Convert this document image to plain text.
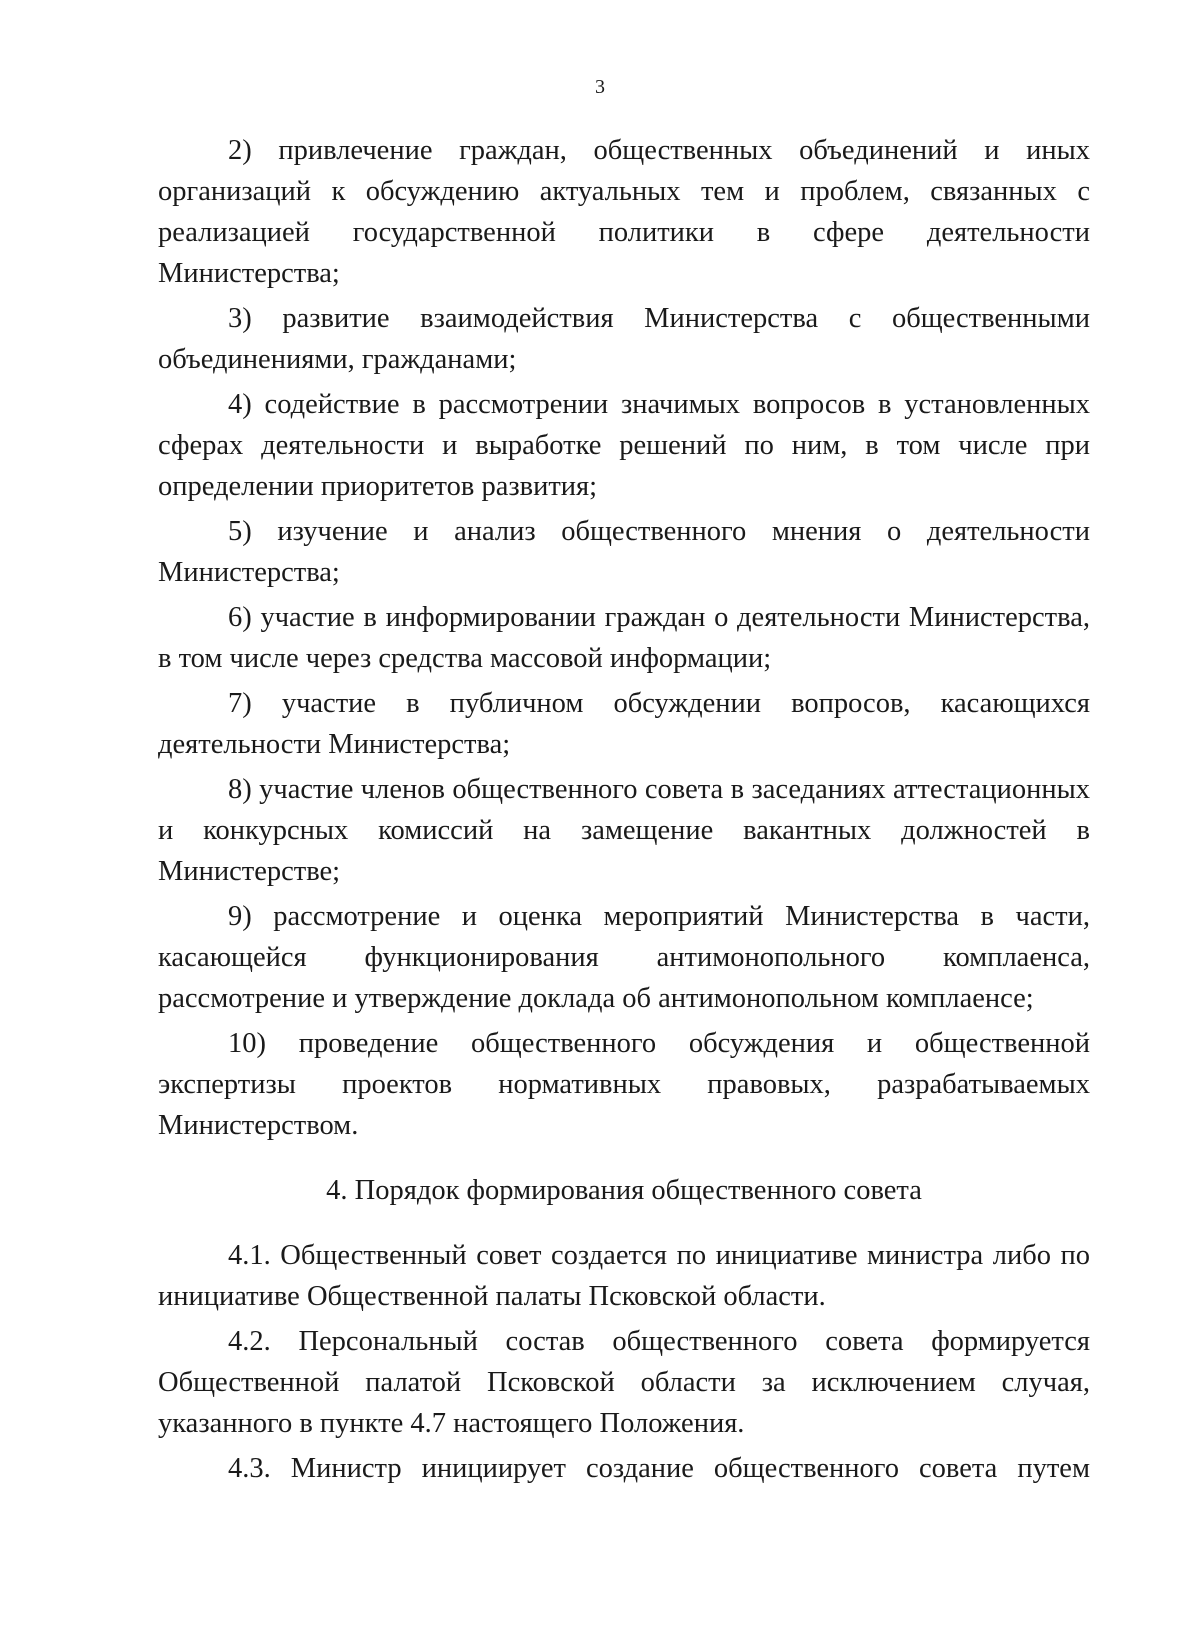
3

2) привлечение граждан, общественных объединений и иных организаций к обсуждению актуальных тем и проблем, связанных с реализацией государственной политики в сфере деятельности Министерства;

3) развитие взаимодействия Министерства с общественными объединениями, гражданами;

4) содействие в рассмотрении значимых вопросов в установленных сферах деятельности и выработке решений по ним, в том числе при определении приоритетов развития;

5) изучение и анализ общественного мнения о деятельности Министерства;

6) участие в информировании граждан о деятельности Министерства, в том числе через средства массовой информации;

7) участие в публичном обсуждении вопросов, касающихся деятельности Министерства;

8) участие членов общественного совета в заседаниях аттестационных и конкурсных комиссий на замещение вакантных должностей в Министерстве;

9) рассмотрение и оценка мероприятий Министерства в части, касающейся функционирования антимонопольного комплаенса, рассмотрение и утверждение доклада об антимонопольном комплаенсе;

10) проведение общественного обсуждения и общественной экспертизы проектов нормативных правовых, разрабатываемых Министерством.

4. Порядок формирования общественного совета

4.1. Общественный совет создается по инициативе министра либо по инициативе Общественной палаты Псковской области.

4.2. Персональный состав общественного совета формируется Общественной палатой Псковской области за исключением случая, указанного в пункте 4.7 настоящего Положения.

4.3. Министр инициирует создание общественного совета путем
